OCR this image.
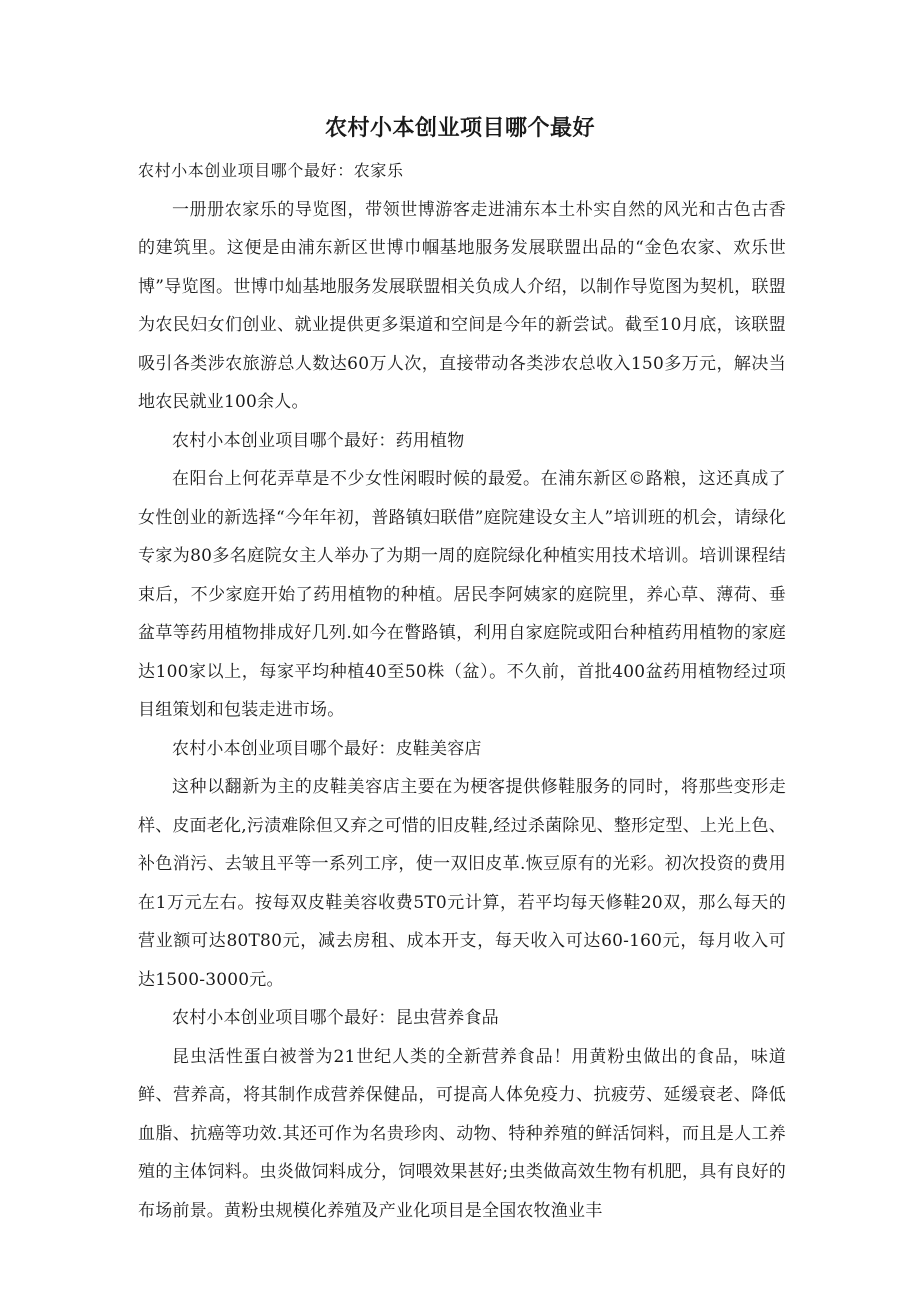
农村小本创业项目哪个最好

农村小本创业项目哪个最好：农家乐

一册册农家乐的导览图，带领世博游客走进浦东本土朴实自然的风光和古色古香的建筑里。这便是由浦东新区世博巾帼基地服务发展联盟出品的“金色农家、欢乐世博”导览图。世博巾灿基地服务发展联盟相关负成人介绍，以制作导览图为契机，联盟为农民妇女们创业、就业提供更多渠道和空间是今年的新尝试。截至10月底，该联盟吸引各类涉农旅游总人数达60万人次，直接带动各类涉农总收入150多万元，解决当地农民就业100余人。

农村小本创业项目哪个最好：药用植物

在阳台上何花弄草是不少女性闲暇时候的最爱。在浦东新区©路粮，这还真成了女性创业的新选择“今年年初，普路镇妇联借”庭院建设女主人”培训班的机会，请绿化专家为80多名庭院女主人举办了为期一周的庭院绿化种植实用技术培训。培训课程结束后，不少家庭开始了药用植物的种植。居民李阿姨家的庭院里，养心草、薄荷、垂盆草等药用植物排成好几列.如今在瞥路镇，利用自家庭院或阳台种植药用植物的家庭达100家以上，每家平均种植40至50株（盆）。不久前，首批400盆药用植物经过项目组策划和包装走进市场。

农村小本创业项目哪个最好：皮鞋美容店

这种以翻新为主的皮鞋美容店主要在为梗客提供修鞋服务的同时，将那些变形走样、皮面老化,污渍难除但又弃之可惜的旧皮鞋,经过杀菌除见、整形定型、上光上色、补色消污、去皱且平等一系列工序，使一双旧皮革.恢豆原有的光彩。初次投资的费用在1万元左右。按每双皮鞋美容收费5T0元计算，若平均每天修鞋20双，那么每天的营业额可达80T80元，减去房租、成本开支，每天收入可达60-160元，每月收入可达1500-3000元。

农村小本创业项目哪个最好：昆虫营养食品

昆虫活性蛋白被誉为21世纪人类的全新营养食品！用黄粉虫做出的食品，味道鲜、营养高，将其制作成营养保健品，可提高人体免疫力、抗疲劳、延缓衰老、降低血脂、抗癌等功效.其还可作为名贵珍肉、动物、特种养殖的鲜活饲料，而且是人工养殖的主体饲料。虫炎做饲料成分，饲喂效果甚好;虫类做高效生物有机肥，具有良好的布场前景。黄粉虫规模化养殖及产业化项目是全国农牧渔业丰
